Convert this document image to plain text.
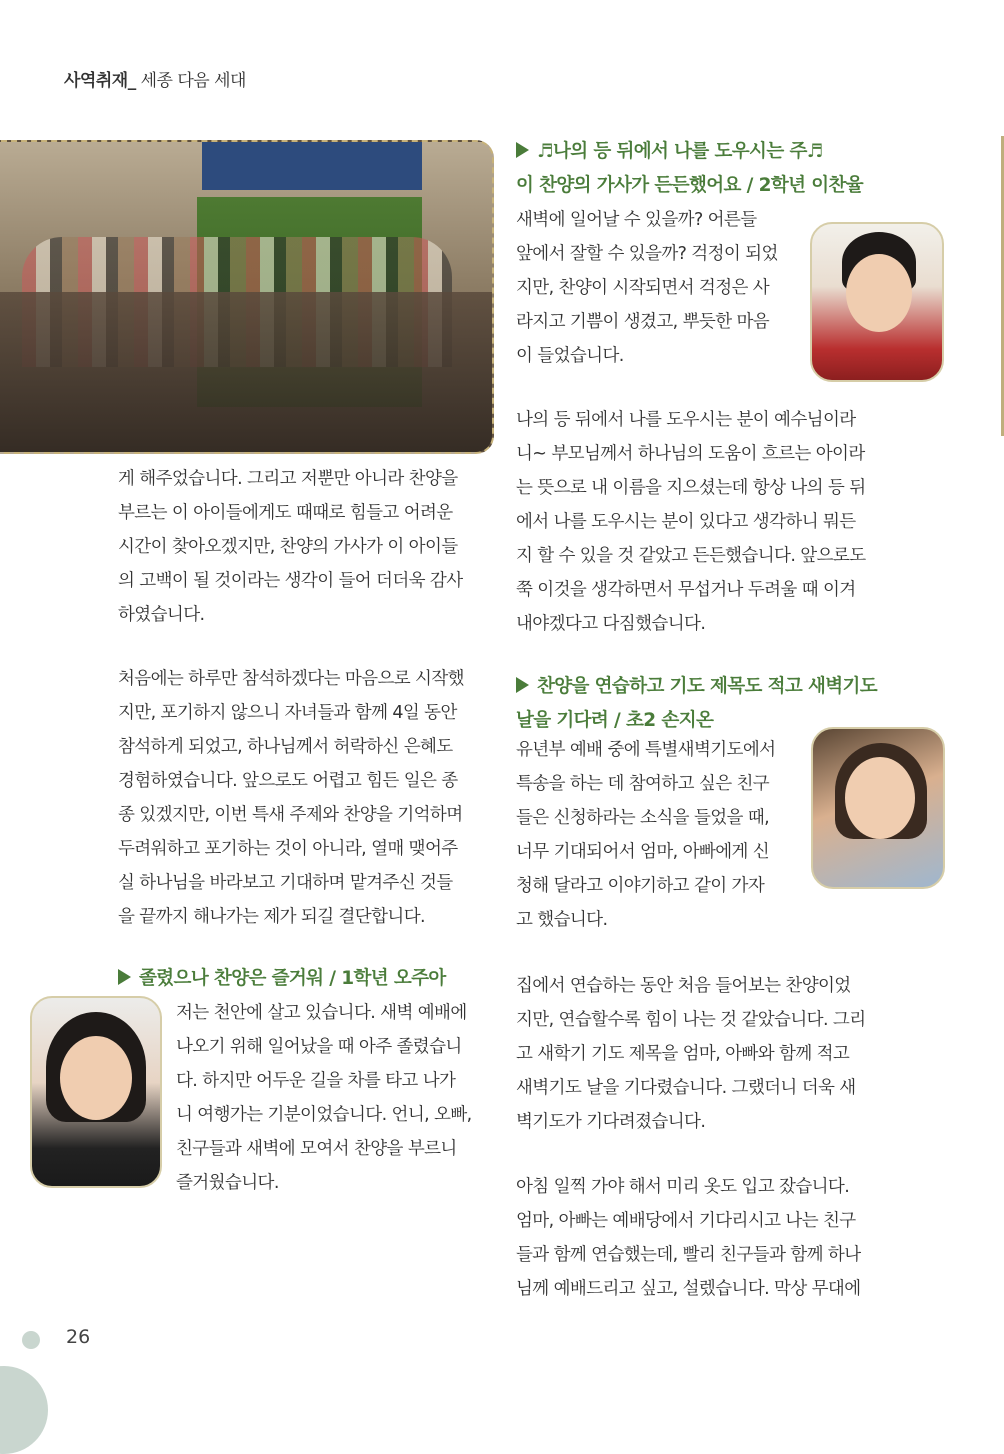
사역취재_ 세종 다음 세대
게 해주었습니다. 그리고 저뿐만 아니라 찬양을
부르는 이 아이들에게도 때때로 힘들고 어려운
시간이 찾아오겠지만, 찬양의 가사가 이 아이들
의 고백이 될 것이라는 생각이 들어 더더욱 감사
하였습니다.
처음에는 하루만 참석하겠다는 마음으로 시작했
지만, 포기하지 않으니 자녀들과 함께 4일 동안
참석하게 되었고, 하나님께서 허락하신 은혜도
경험하였습니다. 앞으로도 어렵고 힘든 일은 종
종 있겠지만, 이번 특새 주제와 찬양을 기억하며
두려워하고 포기하는 것이 아니라, 열매 맺어주
실 하나님을 바라보고 기대하며 맡겨주신 것들
을 끝까지 해나가는 제가 되길 결단합니다.
졸렸으나 찬양은 즐거워 / 1학년 오주아
저는 천안에 살고 있습니다. 새벽 예배에
나오기 위해 일어났을 때 아주 졸렸습니
다. 하지만 어두운 길을 차를 타고 나가
니 여행가는 기분이었습니다. 언니, 오빠,
친구들과 새벽에 모여서 찬양을 부르니
즐거웠습니다.
♬나의 등 뒤에서 나를 도우시는 주♬
이 찬양의 가사가 든든했어요 / 2학년 이찬율
새벽에 일어날 수 있을까? 어른들
앞에서 잘할 수 있을까? 걱정이 되었
지만, 찬양이 시작되면서 걱정은 사
라지고 기쁨이 생겼고, 뿌듯한 마음
이 들었습니다.
나의 등 뒤에서 나를 도우시는 분이 예수님이라
니~ 부모님께서 하나님의 도움이 흐르는 아이라
는 뜻으로 내 이름을 지으셨는데 항상 나의 등 뒤
에서 나를 도우시는 분이 있다고 생각하니 뭐든
지 할 수 있을 것 같았고 든든했습니다. 앞으로도
쭉 이것을 생각하면서 무섭거나 두려울 때 이겨
내야겠다고 다짐했습니다.
찬양을 연습하고 기도 제목도 적고 새벽기도
날을 기다려 / 초2 손지온
유년부 예배 중에 특별새벽기도에서
특송을 하는 데 참여하고 싶은 친구
들은 신청하라는 소식을 들었을 때,
너무 기대되어서 엄마, 아빠에게 신
청해 달라고 이야기하고 같이 가자
고 했습니다.
집에서 연습하는 동안 처음 들어보는 찬양이었
지만, 연습할수록 힘이 나는 것 같았습니다. 그리
고 새학기 기도 제목을 엄마, 아빠와 함께 적고
새벽기도 날을 기다렸습니다. 그랬더니 더욱 새
벽기도가 기다려졌습니다.
아침 일찍 가야 해서 미리 옷도 입고 잤습니다.
엄마, 아빠는 예배당에서 기다리시고 나는 친구
들과 함께 연습했는데, 빨리 친구들과 함께 하나
님께 예배드리고 싶고, 설렜습니다. 막상 무대에
26
